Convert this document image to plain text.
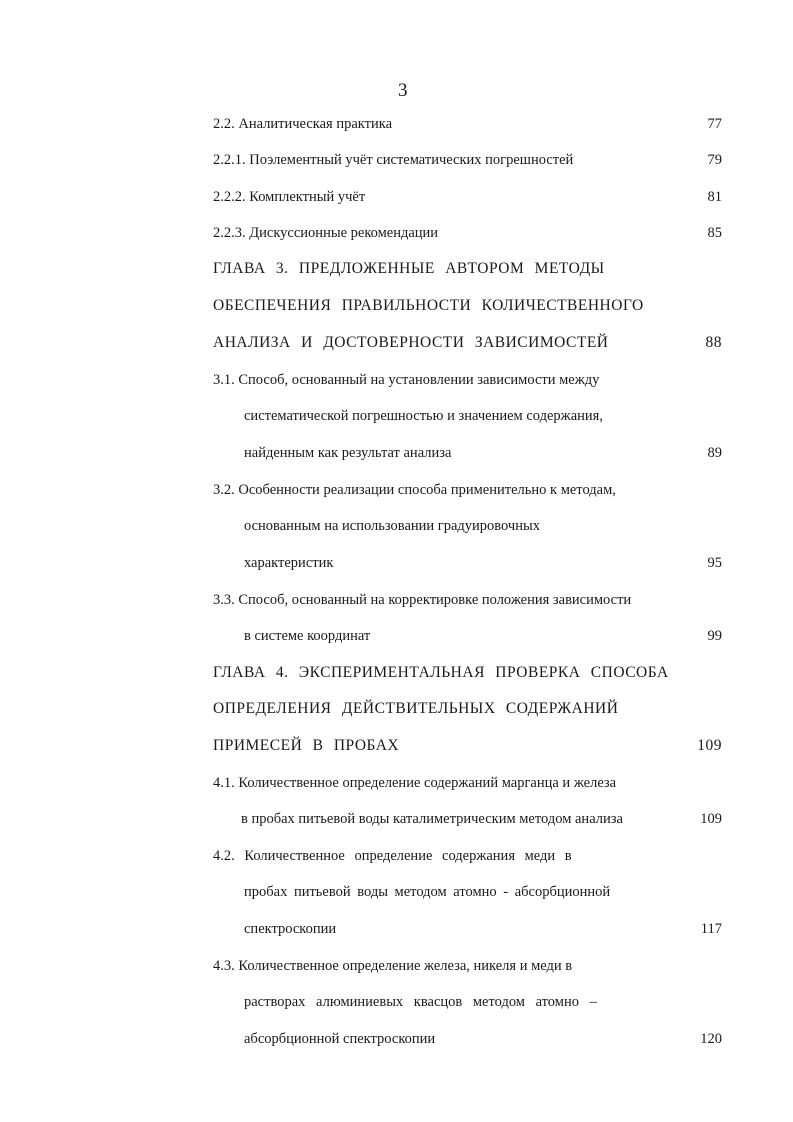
3
2.2. Аналитическая практика	77
2.2.1. Поэлементный учёт систематических погрешностей	79
2.2.2. Комплектный учёт	81
2.2.3. Дискуссионные рекомендации	85
ГЛАВА 3. ПРЕДЛОЖЕННЫЕ АВТОРОМ МЕТОДЫ
ОБЕСПЕЧЕНИЯ ПРАВИЛЬНОСТИ КОЛИЧЕСТВЕННОГО
АНАЛИЗА И ДОСТОВЕРНОСТИ ЗАВИСИМОСТЕЙ	88
3.1. Способ, основанный на установлении зависимости между
систематической погрешностью и значением содержания,
найденным как результат анализа	89
3.2. Особенности реализации способа применительно к методам,
основанным на использовании градуировочных
характеристик	95
3.3. Способ, основанный на корректировке положения зависимости
в системе координат	99
ГЛАВА 4. ЭКСПЕРИМЕНТАЛЬНАЯ ПРОВЕРКА СПОСОБА
ОПРЕДЕЛЕНИЯ ДЕЙСТВИТЕЛЬНЫХ СОДЕРЖАНИЙ
ПРИМЕСЕЙ В ПРОБАХ	109
4.1. Количественное определение содержаний марганца и железа
в пробах питьевой воды каталиметрическим методом анализа	109
4.2. Количественное определение содержания меди в
пробах питьевой воды методом атомно - абсорбционной
спектроскопии	117
4.3. Количественное определение железа, никеля и меди в
растворах алюминиевых квасцов методом атомно –
абсорбционной спектроскопии	120
